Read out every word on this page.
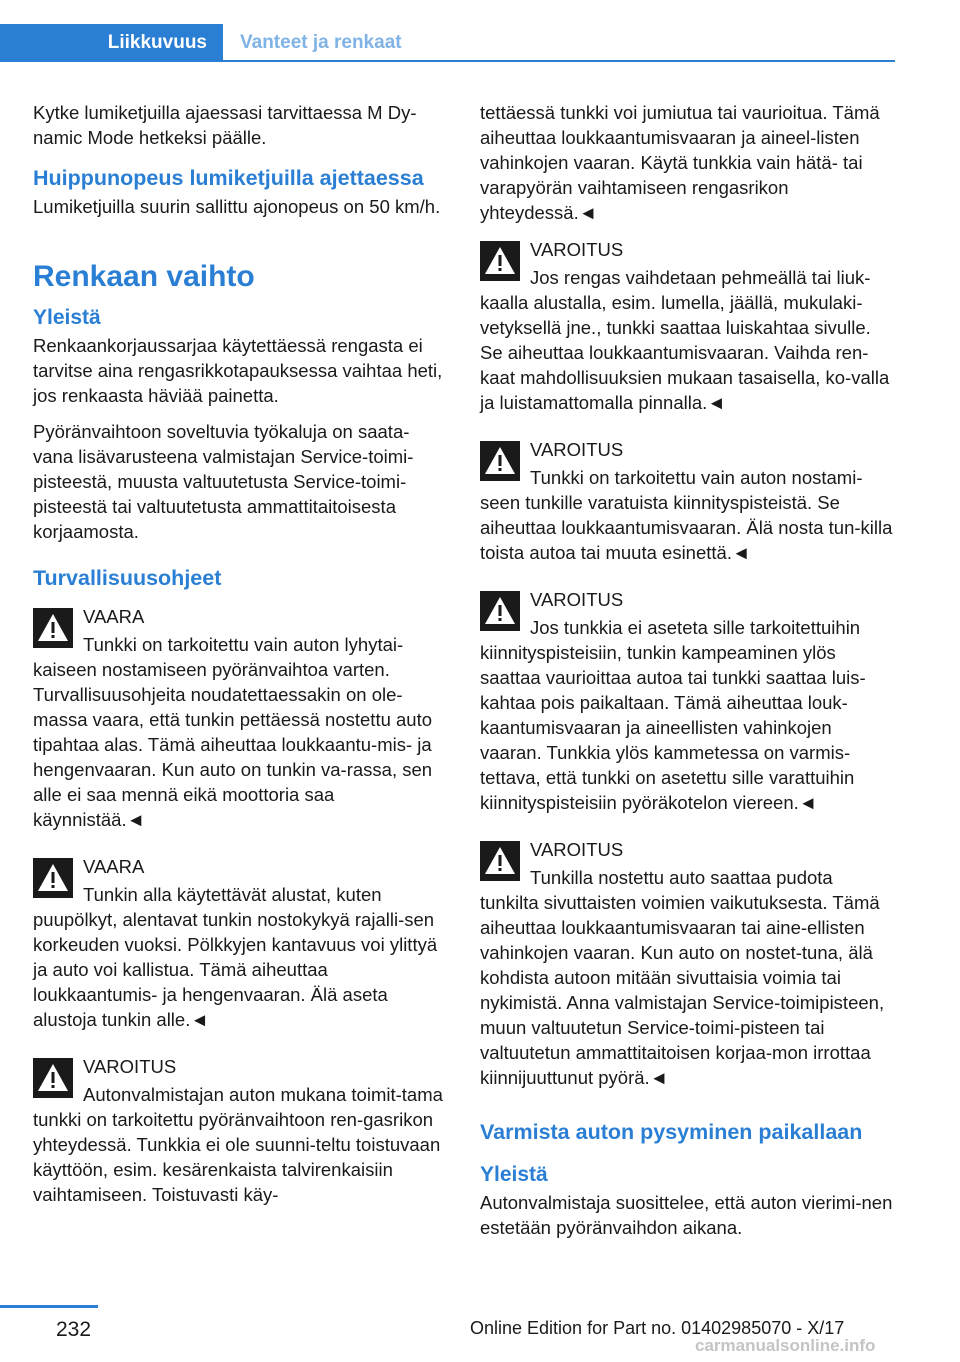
Liikkuvuus	Vanteet ja renkaat

Kytke lumiketjuilla ajaessasi tarvittaessa M Dy-namic Mode hetkeksi päälle.

Huippunopeus lumiketjuilla ajettaessa

Lumiketjuilla suurin sallittu ajonopeus on 50 km/h.

Renkaan vaihto
Yleistä

Renkaankorjaussarjaa käytettäessä rengasta ei tarvitse aina rengasrikkotapauksessa vaihtaa heti, jos renkaasta häviää painetta.

Pyöränvaihtoon soveltuvia työkaluja on saata-vana lisävarusteena valmistajan Service-toimi-pisteestä, muusta valtuutetusta Service-toimi-pisteestä tai valtuutetusta ammattitaitoisesta korjaamosta.

Turvallisuusohjeet
VAARA
Tunkki on tarkoitettu vain auton lyhytai-kaiseen nostamiseen pyöränvaihtoa varten. Turvallisuusohjeita noudatettaessakin on ole-massa vaara, että tunkin pettäessä nostettu auto tipahtaa alas. Tämä aiheuttaa loukkaantu-mis- ja hengenvaaran. Kun auto on tunkin va-rassa, sen alle ei saa mennä eikä moottoria saa käynnistää.◄
VAARA
Tunkin alla käytettävät alustat, kuten puupölkyt, alentavat tunkin nostokykyä rajalli-sen korkeuden vuoksi. Pölkkyjen kantavuus voi ylittyä ja auto voi kallistua. Tämä aiheuttaa loukkaantumis- ja hengenvaaran. Älä aseta alustoja tunkin alle.◄
VAROITUS
Autonvalmistajan auton mukana toimit-tama tunkki on tarkoitettu pyöränvaihtoon ren-gasrikon yhteydessä. Tunkkia ei ole suunni-teltu toistuvaan käyttöön, esim. kesärenkaista talvirenkaisiin vaihtamiseen. Toistuvasti käy-

tettäessä tunkki voi jumiutua tai vaurioitua. Tämä aiheuttaa loukkaantumisvaaran ja aineel-listen vahinkojen vaaran. Käytä tunkkia vain hätä- tai varapyörän vaihtamiseen rengasrikon yhteydessä.◄

VAROITUS
Jos rengas vaihdetaan pehmeällä tai liuk-kaalla alustalla, esim. lumella, jäällä, mukulaki-vetyksellä jne., tunkki saattaa luiskahtaa sivulle. Se aiheuttaa loukkaantumisvaaran. Vaihda ren-kaat mahdollisuuksien mukaan tasaisella, ko-valla ja luistamattomalla pinnalla.◄
VAROITUS
Tunkki on tarkoitettu vain auton nostami-seen tunkille varatuista kiinnityspisteistä. Se aiheuttaa loukkaantumisvaaran. Älä nosta tun-killa toista autoa tai muuta esinettä.◄
VAROITUS
Jos tunkkia ei aseteta sille tarkoitettuihin kiinnityspisteisiin, tunkin kampeaminen ylös saattaa vaurioittaa autoa tai tunkki saattaa luis-kahtaa pois paikaltaan. Tämä aiheuttaa louk-kaantumisvaaran ja aineellisten vahinkojen vaaran. Tunkkia ylös kammetessa on varmis-tettava, että tunkki on asetettu sille varattuihin kiinnityspisteisiin pyöräkotelon viereen.◄
VAROITUS
Tunkilla nostettu auto saattaa pudota tunkilta sivuttaisten voimien vaikutuksesta. Tämä aiheuttaa loukkaantumisvaaran tai aine-ellisten vahinkojen vaaran. Kun auto on nostet-tuna, älä kohdista autoon mitään sivuttaisia voimia tai nykimistä. Anna valmistajan Service-toimipisteen, muun valtuutetun Service-toimi-pisteen tai valtuutetun ammattitaitoisen korjaa-mon irrottaa kiinnijuuttunut pyörä.◄
Varmista auton pysyminen paikallaan
Yleistä

Autonvalmistaja suosittelee, että auton vierimi-nen estetään pyöränvaihdon aikana.

232	Online Edition for Part no. 01402985070 - X/17
carmanualsonline.info
